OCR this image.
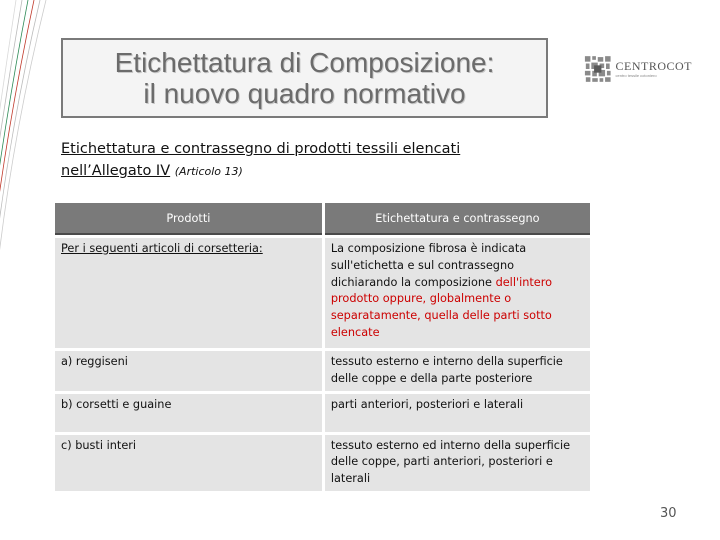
Etichettatura di Composizione:
il nuovo quadro normativo
CENTROCOT
centro tessile cotoniero
Etichettatura e contrassegno di prodotti tessili elencati
nell’Allegato IV (Articolo 13)
Prodotti	Etichettatura e contrassegno
Per i seguenti articoli di corsetteria:	La composizione fibrosa è indicata sull'etichetta e sul contrassegno dichiarando la composizione dell'intero prodotto oppure, globalmente o separatamente, quella delle parti sotto elencate
a) reggiseni	tessuto esterno e interno della superficie delle coppe e della parte posteriore
b) corsetti e guaine	parti anteriori, posteriori e laterali
c) busti interi	tessuto esterno ed interno della superficie delle coppe, parti anteriori, posteriori e laterali
30
